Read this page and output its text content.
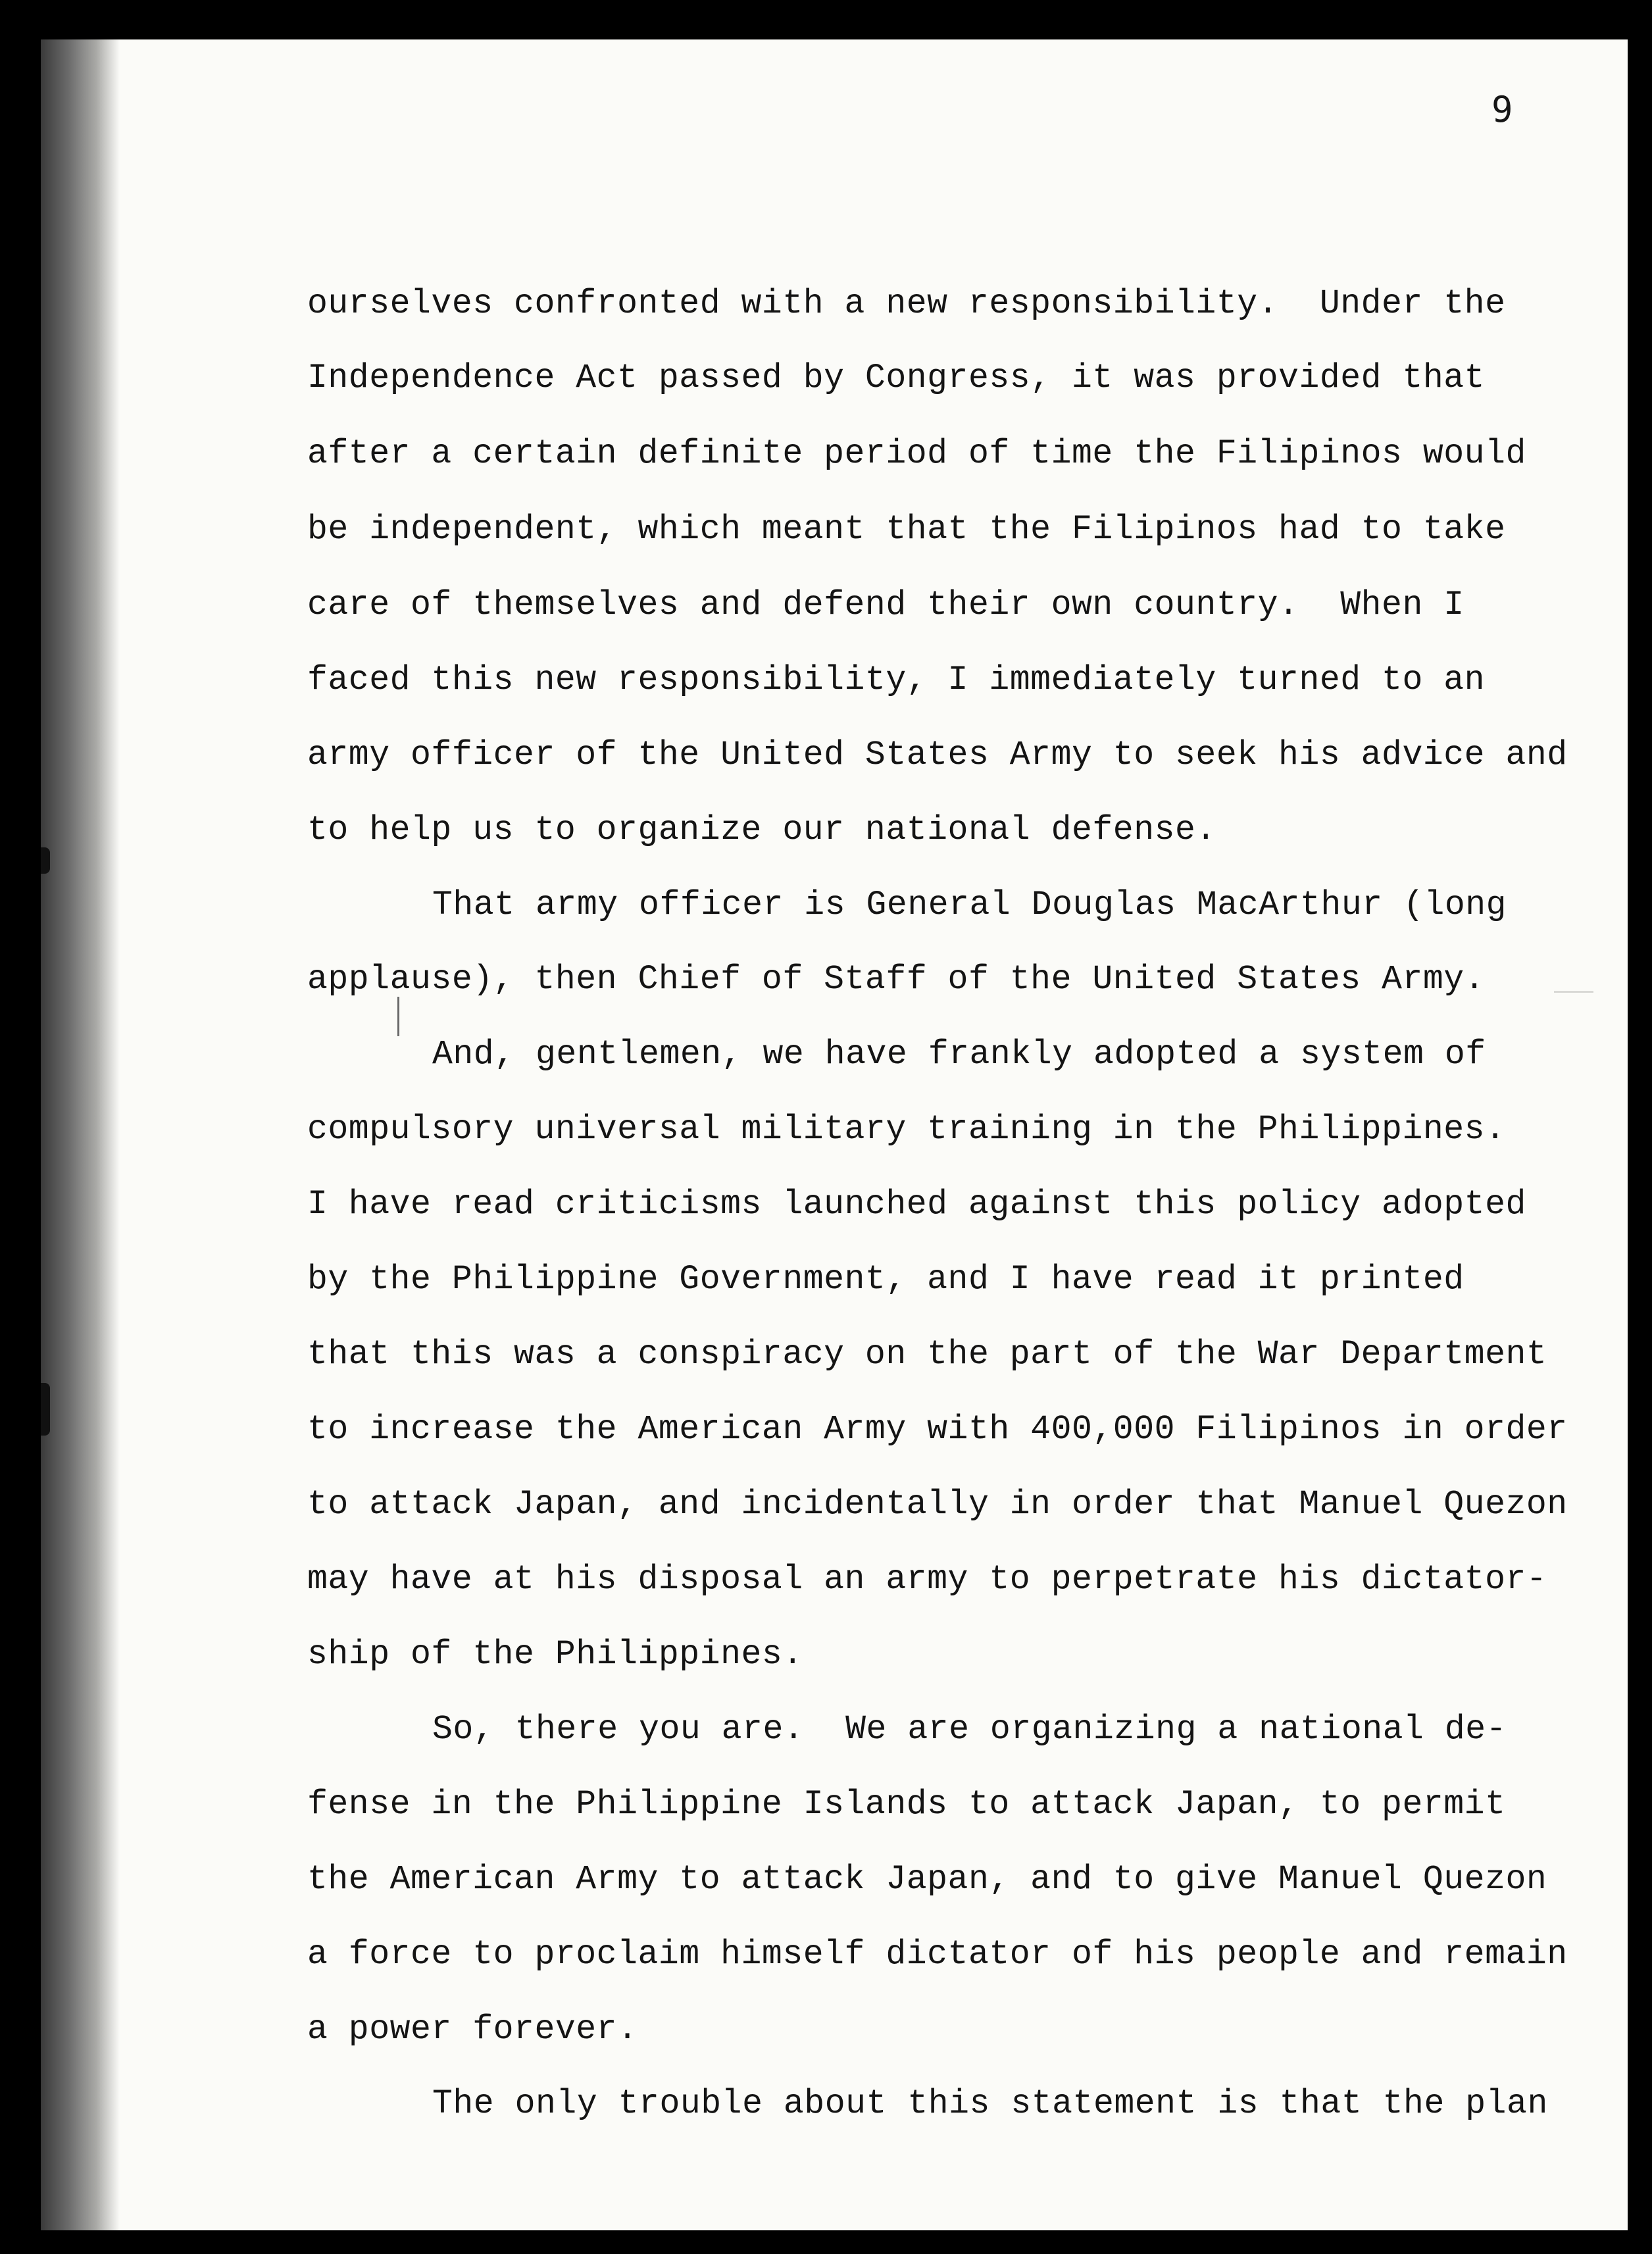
9
ourselves confronted with a new responsibility.  Under the
Independence Act passed by Congress, it was provided that
after a certain definite period of time the Filipinos would
be independent, which meant that the Filipinos had to take
care of themselves and defend their own country.  When I
faced this new responsibility, I immediately turned to an
army officer of the United States Army to seek his advice and
to help us to organize our national defense.
That army officer is General Douglas MacArthur (long
applause), then Chief of Staff of the United States Army.
And, gentlemen, we have frankly adopted a system of
compulsory universal military training in the Philippines.
I have read criticisms launched against this policy adopted
by the Philippine Government, and I have read it printed
that this was a conspiracy on the part of the War Department
to increase the American Army with 400,000 Filipinos in order
to attack Japan, and incidentally in order that Manuel Quezon
may have at his disposal an army to perpetrate his dictator-
ship of the Philippines.
So, there you are.  We are organizing a national de-
fense in the Philippine Islands to attack Japan, to permit
the American Army to attack Japan, and to give Manuel Quezon
a force to proclaim himself dictator of his people and remain
a power forever.
The only trouble about this statement is that the plan
